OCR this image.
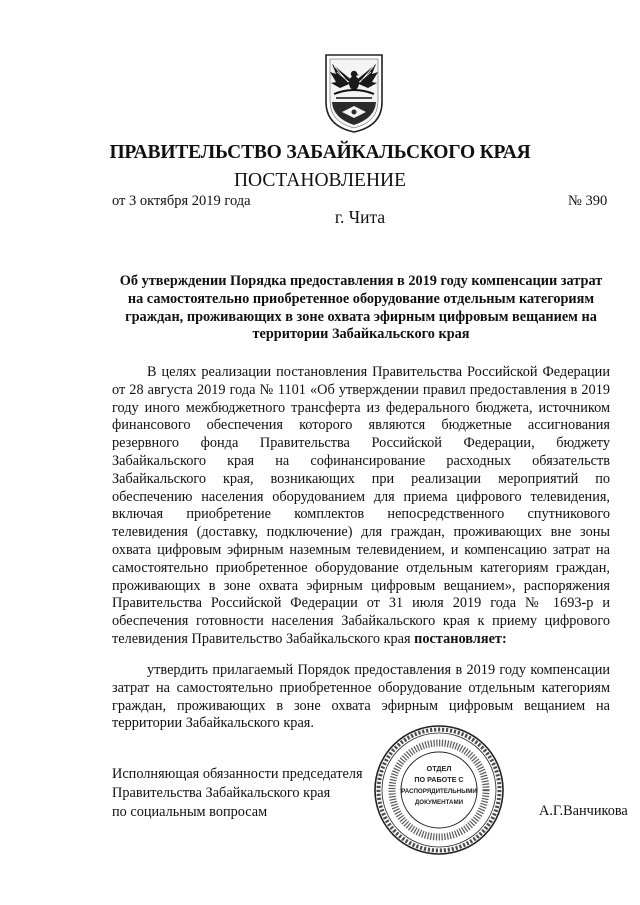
ПРАВИТЕЛЬСТВО ЗАБАЙКАЛЬСКОГО КРАЯ
ПОСТАНОВЛЕНИЕ
от 3 октября 2019 года	№ 390
г. Чита
Об утверждении Порядка предоставления в 2019 году компенсации затрат на самостоятельно приобретенное оборудование отдельным категориям граждан, проживающих в зоне охвата эфирным цифровым вещанием на территории Забайкальского края

В целях реализации постановления Правительства Российской Федерации от 28 августа 2019 года № 1101 «Об утверждении правил предоставления в 2019 году иного межбюджетного трансферта из федерального бюджета, источником финансового обеспечения которого являются бюджетные ассигнования резервного фонда Правительства Российской Федерации, бюджету Забайкальского края на софинансирование расходных обязательств Забайкальского края, возникающих при реализации мероприятий по обеспечению населения оборудованием для приема цифрового телевидения, включая приобретение комплектов непосредственного спутникового телевидения (доставку, подключение) для граждан, проживающих вне зоны охвата цифровым эфирным наземным телевидением, и компенсацию затрат на самостоятельно приобретенное оборудование отдельным категориям граждан, проживающих в зоне охвата эфирным цифровым вещанием», распоряжения Правительства Российской Федерации от 31 июля 2019 года № 1693-р и обеспечения готовности населения Забайкальского края к приему цифрового телевидения Правительство Забайкальского края постановляет:

утвердить прилагаемый Порядок предоставления в 2019 году компенсации затрат на самостоятельно приобретенное оборудование отдельным категориям граждан, проживающих в зоне охвата эфирным цифровым вещанием на территории Забайкальского края.

Исполняющая обязанности председателя
Правительства Забайкальского края
по социальным вопросам	А.Г.Ванчикова
ОТДЕЛ
ПО РАБОТЕ С
РАСПОРЯДИТЕЛЬНЫМИ
ДОКУМЕНТАМИ
